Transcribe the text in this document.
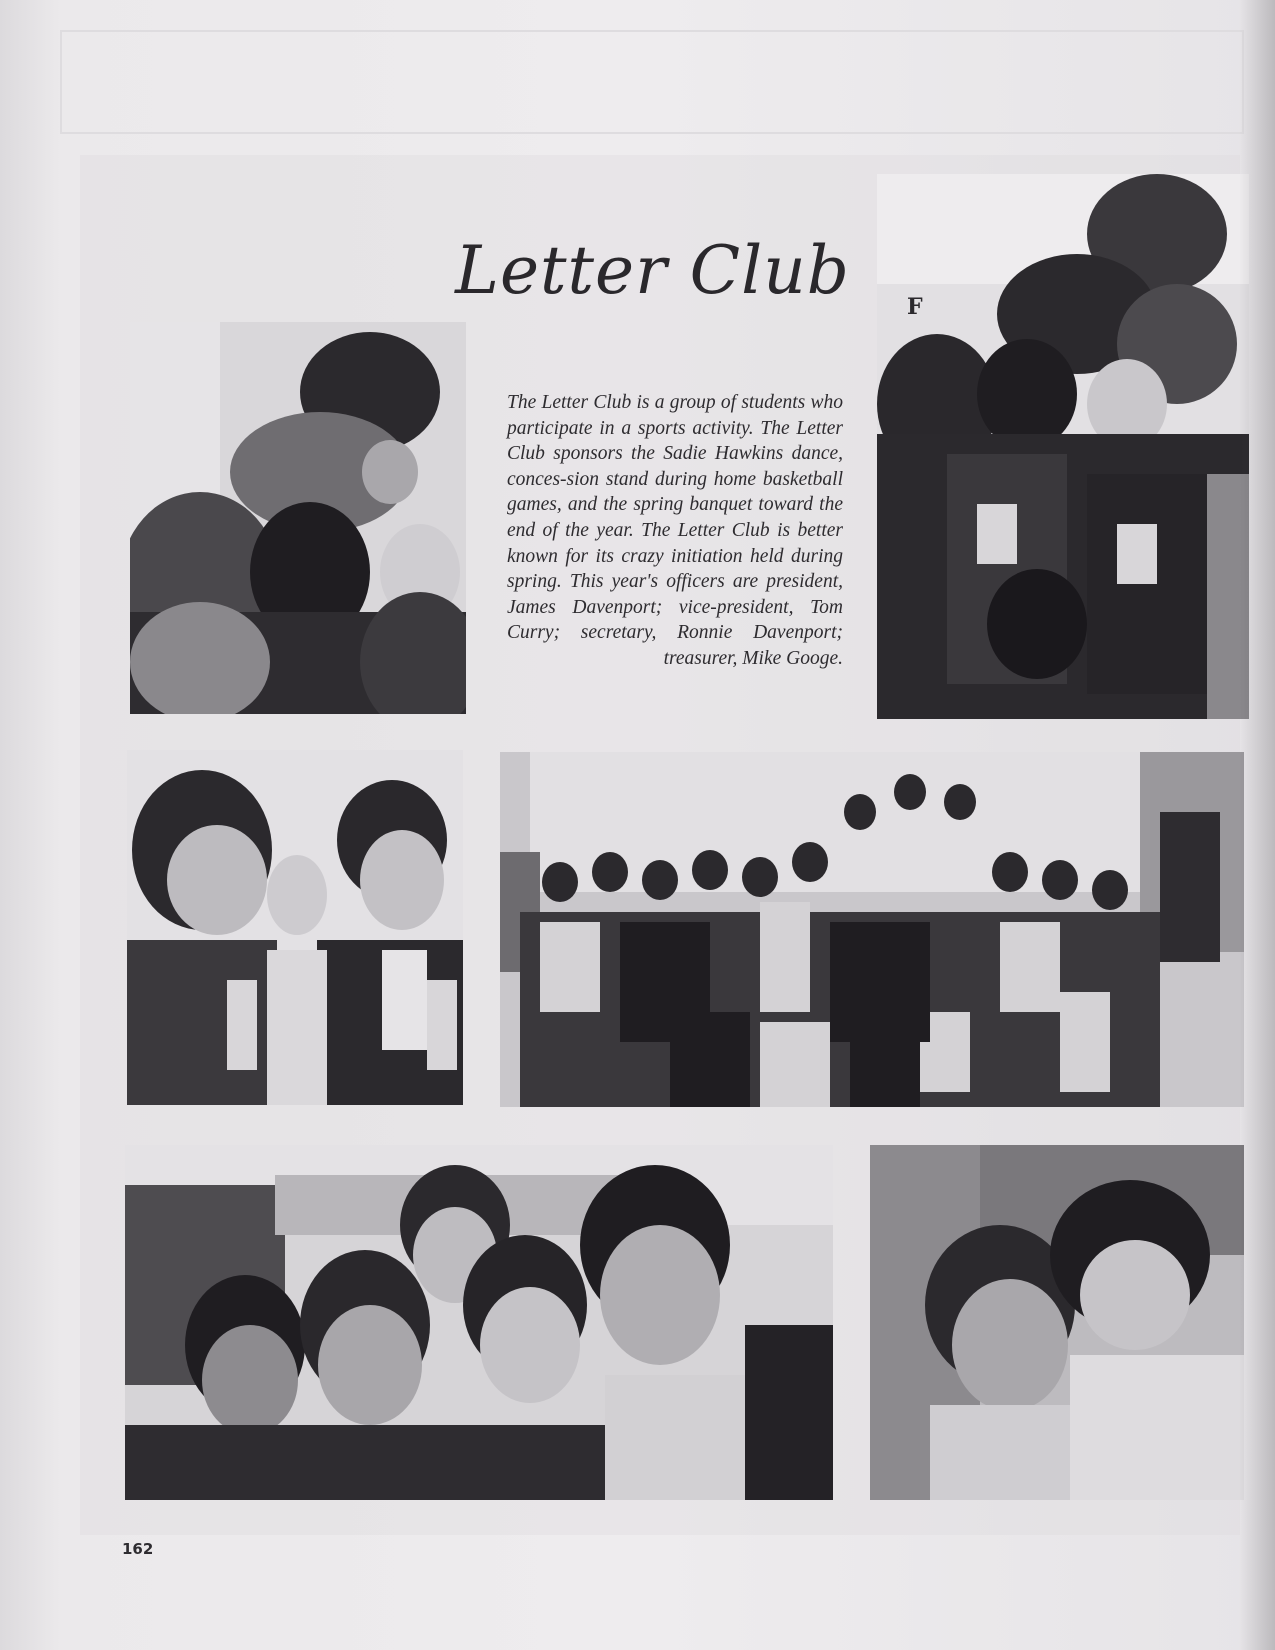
Letter Club

The Letter Club is a group of students who participate in a sports activity. The Letter Club sponsors the Sadie Hawkins dance, conces-sion stand during home basketball games, and the spring banquet toward the end of the year. The Letter Club is better known for its crazy initiation held during spring. This year's officers are president, James Davenport; vice-president, Tom Curry; secretary, Ronnie Davenport; treasurer, Mike Googe.

F
162
